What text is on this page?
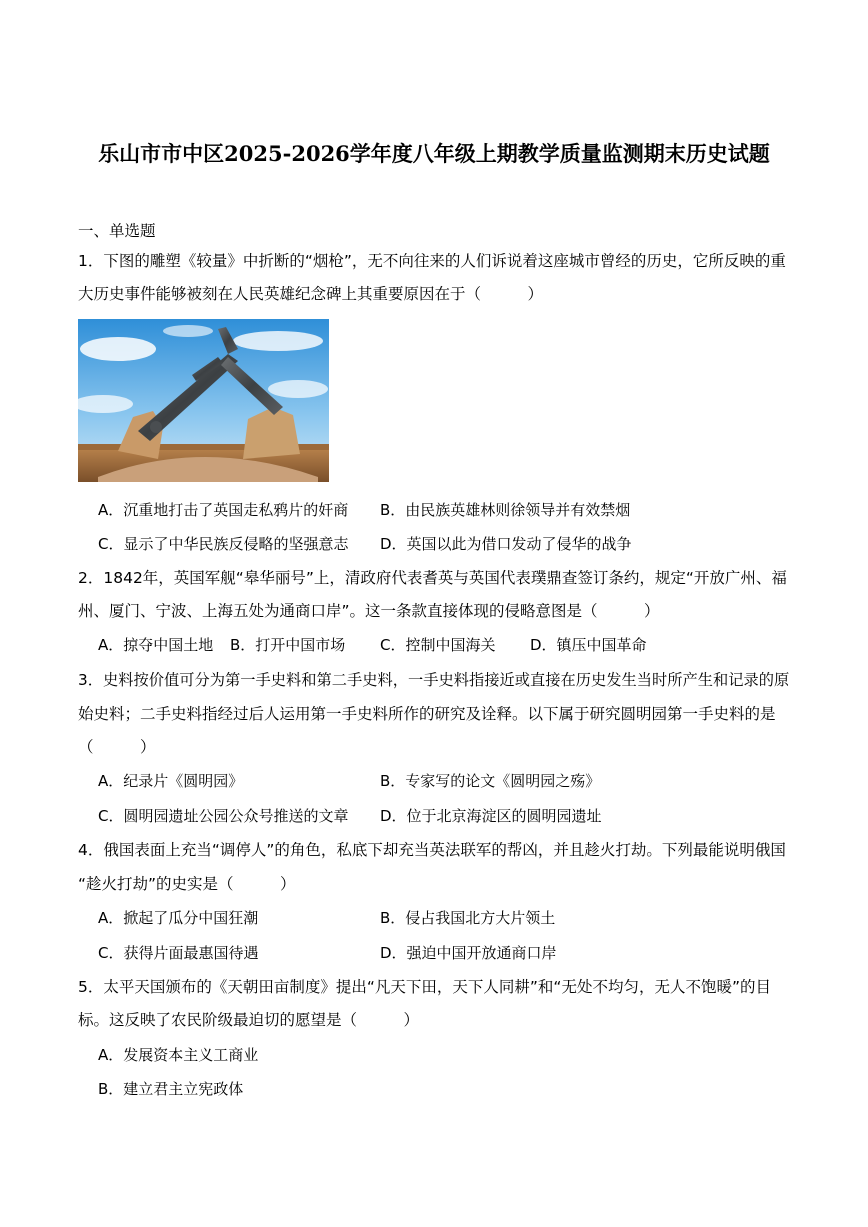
乐山市市中区2025-2026学年度八年级上期教学质量监测期末历史试题
一、单选题
1．下图的雕塑《较量》中折断的“烟枪”，无不向往来的人们诉说着这座城市曾经的历史，它所反映的重
大历史事件能够被刻在人民英雄纪念碑上其重要原因在于（　　　）
A．沉重地打击了英国走私鸦片的奸商 B．由民族英雄林则徐领导并有效禁烟
C．显示了中华民族反侵略的坚强意志 D．英国以此为借口发动了侵华的战争
2．1842年，英国军舰“皋华丽号”上，清政府代表耆英与英国代表璞鼎查签订条约，规定“开放广州、福
州、厦门、宁波、上海五处为通商口岸”。这一条款直接体现的侵略意图是（　　　）
A．掠夺中国土地 B．打开中国市场 C．控制中国海关 D．镇压中国革命
3．史料按价值可分为第一手史料和第二手史料，一手史料指接近或直接在历史发生当时所产生和记录的原
始史料；二手史料指经过后人运用第一手史料所作的研究及诠释。以下属于研究圆明园第一手史料的是
（　　　）
A．纪录片《圆明园》	B．专家写的论文《圆明园之殇》
C．圆明园遗址公园公众号推送的文章 D．位于北京海淀区的圆明园遗址
4．俄国表面上充当“调停人”的角色，私底下却充当英法联军的帮凶，并且趁火打劫。下列最能说明俄国
“趁火打劫”的史实是（　　　）
A．掀起了瓜分中国狂潮	B．侵占我国北方大片领土
C．获得片面最惠国待遇	D．强迫中国开放通商口岸
5．太平天国颁布的《天朝田亩制度》提出“凡天下田，天下人同耕”和“无处不均匀，无人不饱暖”的目
标。这反映了农民阶级最迫切的愿望是（　　　）
A．发展资本主义工商业
B．建立君主立宪政体
